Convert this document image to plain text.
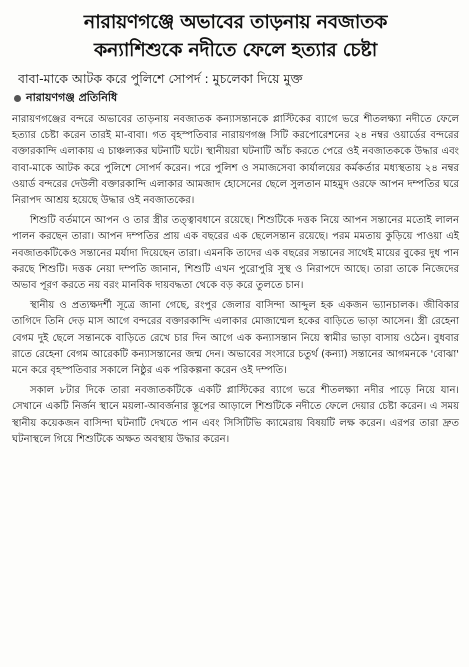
নারায়ণগঞ্জে অভাবের তাড়নায় নবজাতক
কন্যাশিশুকে নদীতে ফেলে হত্যার চেষ্টা
বাবা-মাকে আটক করে পুলিশে সোপর্দ : মুচলেকা দিয়ে মুক্ত
নারায়ণগঞ্জ প্রতিনিধি

নারায়ণগঞ্জের বন্দরে অভাবের তাড়নায় নবজাতক কন্যাসন্তানকে প্লাস্টিকের ব্যাগে ভরে শীতলক্ষ্যা নদীতে ফেলে হত্যার চেষ্টা করেন তারই মা-বাবা। গত বৃহস্পতিবার নারায়ণগঞ্জ সিটি করপোরেশনের ২৪ নম্বর ওয়ার্ডের বন্দরের বক্তারকান্দি এলাকায় এ চাঞ্চল্যকর ঘটনাটি ঘটে। স্থানীয়রা ঘটনাটি আঁচ করতে পেরে ওই নবজাতককে উদ্ধার এবং বাবা-মাকে আটক করে পুলিশে সোপর্দ করেন। পরে পুলিশ ও সমাজসেবা কার্যালয়ের কর্মকর্তার মধ্যস্থতায় ২৪ নম্বর ওয়ার্ড বন্দরের দেউলী বক্তারকান্দি এলাকার আমজাদ হোসেনের ছেলে সুলতান মাহমুদ ওরফে আপন দম্পতির ঘরে নিরাপদ আশ্রয় হয়েছে উদ্ধার ওই নবজাতকের।

শিশুটি বর্তমানে আপন ও তার স্ত্রীর তত্ত্বাবধানে রয়েছে। শিশুটিকে দত্তক নিয়ে আপন সন্তানের মতোই লালন পালন করছেন তারা। আপন দম্পতির প্রায় এক বছরের এক ছেলেসন্তান রয়েছে। পরম মমতায় কুড়িয়ে পাওয়া এই নবজাতকটিকেও সন্তানের মর্যাদা দিয়েছেন তারা। এমনকি তাদের এক বছরের সন্তানের সাথেই মায়ের বুকের দুধ পান করছে শিশুটি। দত্তক নেয়া দম্পতি জানান, শিশুটি এখন পুরোপুরি সুস্থ ও নিরাপদে আছে। তারা তাকে নিজেদের অভাব পূরণ করতে নয় বরং মানবিক দায়বদ্ধতা থেকে বড় করে তুলতে চান।

স্থানীয় ও প্রত্যক্ষদর্শী সূত্রে জানা গেছে, রংপুর জেলার বাসিন্দা আব্দুল হক একজন ভ্যানচালক। জীবিকার তাগিদে তিনি দেড় মাস আগে বন্দরের বক্তারকান্দি এলাকার মোজাম্মেল হকের বাড়িতে ভাড়া আসেন। স্ত্রী রেহেনা বেগম দুই ছেলে সন্তানকে বাড়িতে রেখে চার দিন আগে এক কন্যাসন্তান নিয়ে স্বামীর ভাড়া বাসায় ওঠেন। বুধবার রাতে রেহেনা বেগম আরেকটি কন্যাসন্তানের জন্ম দেন। অভাবের সংসারে চতুর্থ (কন্যা) সন্তানের আগমনকে 'বোঝা' মনে করে বৃহস্পতিবার সকালে নিষ্ঠুর এক পরিকল্পনা করেন ওই দম্পতি।

সকাল ৮টার দিকে তারা নবজাতকটিকে একটি প্লাস্টিকের ব্যাগে ভরে শীতলক্ষ্যা নদীর পাড়ে নিয়ে যান। সেখানে একটি নির্জন স্থানে ময়লা-আবর্জনার স্তূপের আড়ালে শিশুটিকে নদীতে ফেলে দেয়ার চেষ্টা করেন। এ সময় স্থানীয় কয়েকজন বাসিন্দা ঘটনাটি দেখতে পান এবং সিসিটিভি ক্যামেরায় বিষয়টি লক্ষ করেন। এরপর তারা দ্রুত ঘটনাস্থলে গিয়ে শিশুটিকে অক্ষত অবস্থায় উদ্ধার করেন।
